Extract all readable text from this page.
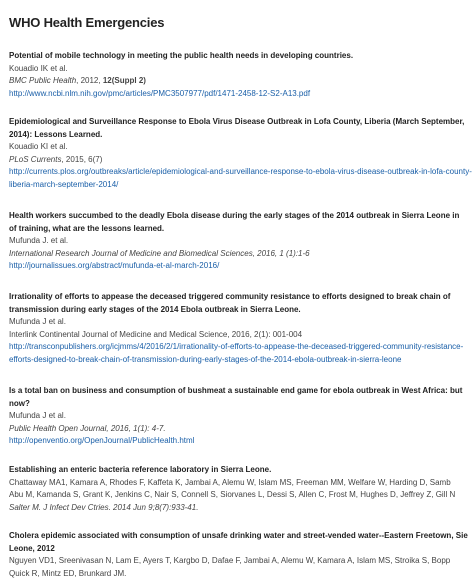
WHO Health Emergencies
Potential of mobile technology in meeting the public health needs in developing countries.
Kouadio IK et al.
BMC Public Health, 2012, 12(Suppl 2)
http://www.ncbi.nlm.nih.gov/pmc/articles/PMC3507977/pdf/1471-2458-12-S2-A13.pdf
Epidemiological and Surveillance Response to Ebola Virus Disease Outbreak in Lofa County, Liberia (March September,
2014): Lessons Learned.
Kouadio KI et al.
PLoS Currents, 2015, 6(7)
http://currents.plos.org/outbreaks/article/epidemiological-and-surveillance-response-to-ebola-virus-disease-outbreak-in-lofa-county-
liberia-march-september-2014/
Health workers succumbed to the deadly Ebola disease during the early stages of the 2014 outbreak in Sierra Leone in
of training, what are the lessons learned.
Mufunda J. et al.
International Research Journal of Medicine and Biomedical Sciences, 2016, 1 (1):1-6
http://journalissues.org/abstract/mufunda-et-al-march-2016/
Irrationality of efforts to appease the deceased triggered community resistance to efforts designed to break chain of
transmission during early stages of the 2014 Ebola outbreak in Sierra Leone.
Mufunda J et al.
Interlink Continental Journal of Medicine and Medical Science, 2016, 2(1): 001-004
http://transconpublishers.org/icjmms/4/2016/2/1/irrationality-of-efforts-to-appease-the-deceased-triggered-community-resistance-
efforts-designed-to-break-chain-of-transmission-during-early-stages-of-the-2014-ebola-outbreak-in-sierra-leone
Is a total ban on business and consumption of bushmeat a sustainable end game for ebola outbreak in West Africa: but
now?
Mufunda J et al.
Public Health Open Journal, 2016, 1(1): 4-7.
http://openventio.org/OpenJournal/PublicHealth.html
Establishing an enteric bacteria reference laboratory in Sierra Leone.
Chattaway MA1, Kamara A, Rhodes F, Kaffeta K, Jambai A, Alemu W, Islam MS, Freeman MM, Welfare W, Harding D, Samb
Abu M, Kamanda S, Grant K, Jenkins C, Nair S, Connell S, Siorvanes L, Dessi S, Allen C, Frost M, Hughes D, Jeffrey Z, Gill N
Salter M. J Infect Dev Ctries. 2014 Jun 9;8(7):933-41.
Cholera epidemic associated with consumption of unsafe drinking water and street-vended water--Eastern Freetown, Sie
Leone, 2012
Nguyen VD1, Sreenivasan N, Lam E, Ayers T, Kargbo D, Dafae F, Jambai A, Alemu W, Kamara A, Islam MS, Stroika S, Bopp
Quick R, Mintz ED, Brunkard JM.
